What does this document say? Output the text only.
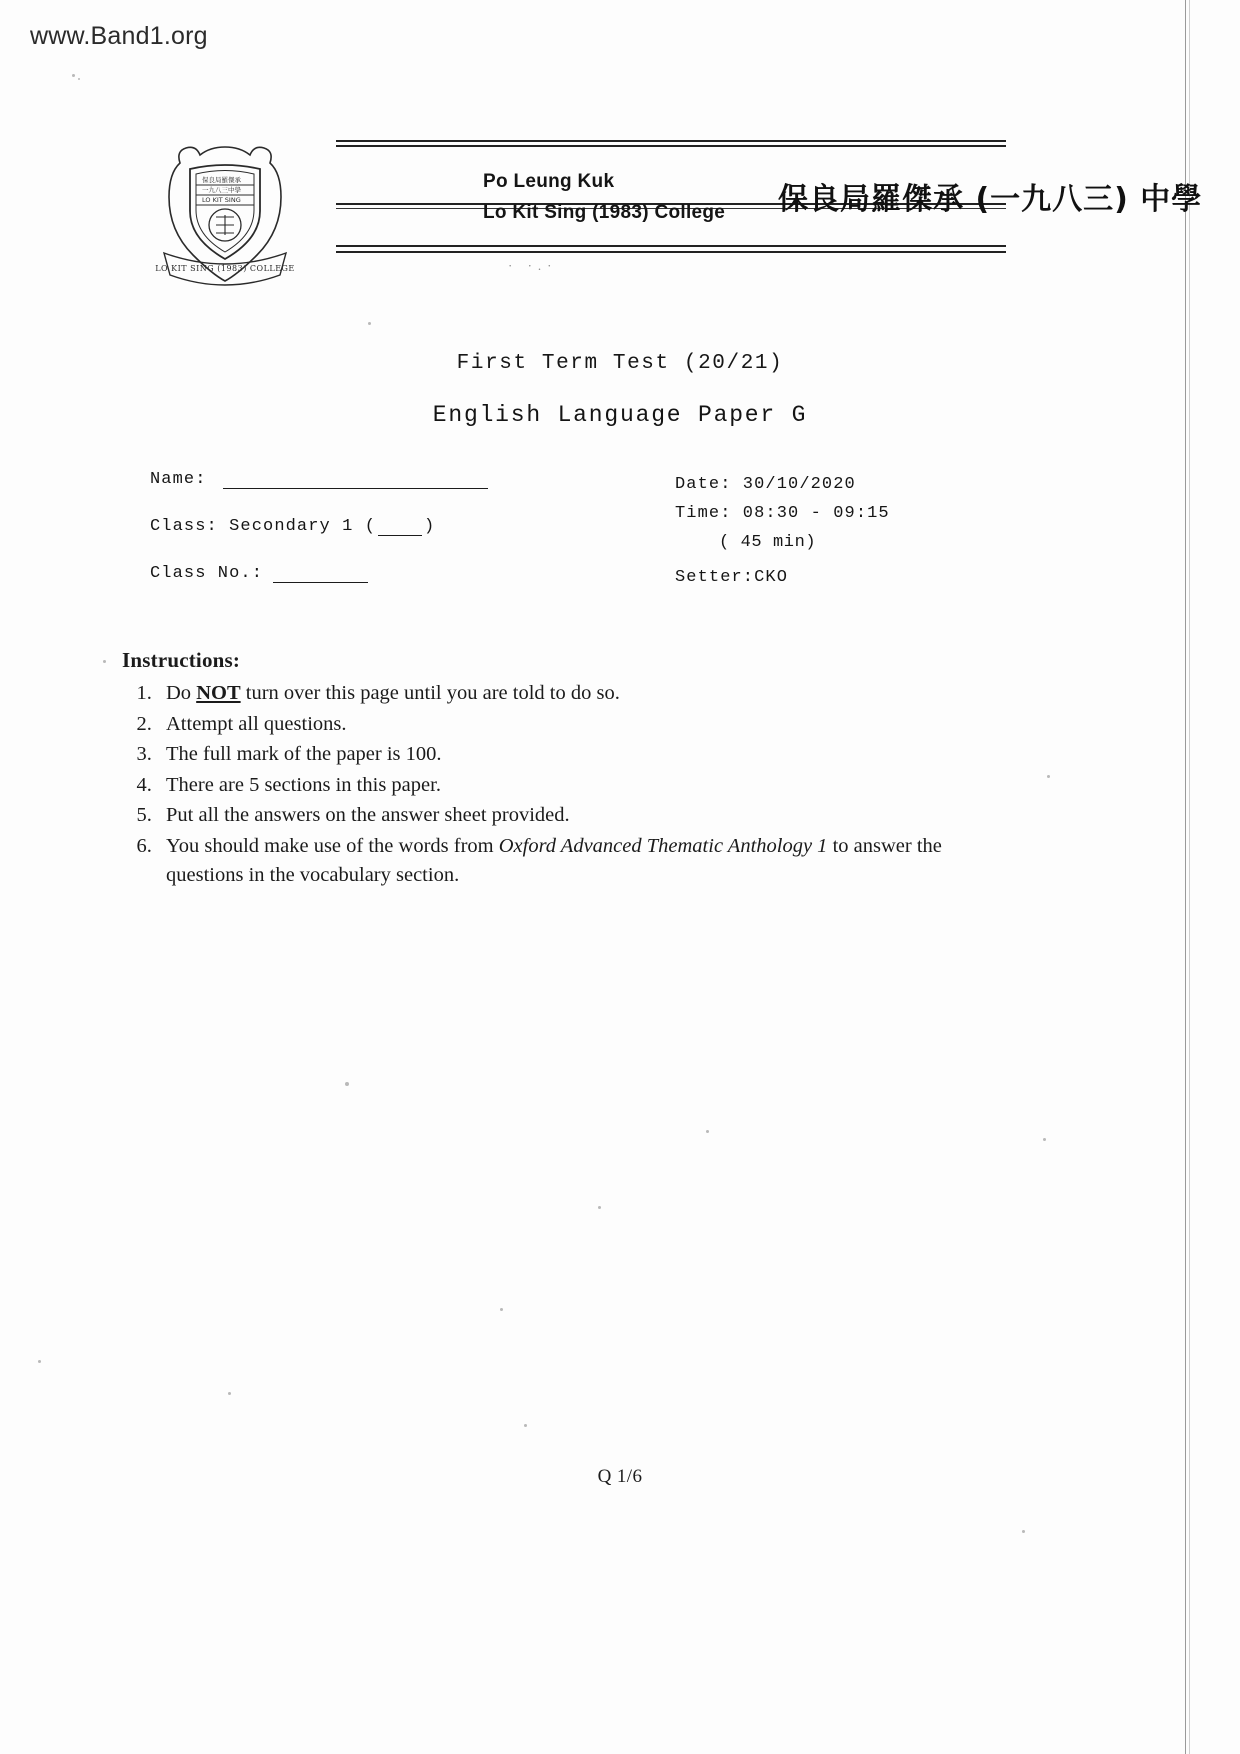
www.Band1.org
保良局羅傑承
一九八三中學
LO KIT SING
LO KIT SING (1983) COLLEGE
Po Leung Kuk
Lo Kit Sing (1983) College 保良局羅傑承 (一九八三) 中學
· ·.·
First Term Test (20/21)
English Language Paper G
Name:
Class: Secondary 1 (	)
Class No.:
Date: 30/10/2020
Time: 08:30 - 09:15
( 45 min)
Setter:CKO
Instructions:
1. Do NOT turn over this page until you are told to do so.
2. Attempt all questions.
3. The full mark of the paper is 100.
4. There are 5 sections in this paper.
5. Put all the answers on the answer sheet provided.
6. You should make use of the words from Oxford Advanced Thematic Anthology 1 to answer the questions in the vocabulary section.
Q 1/6
